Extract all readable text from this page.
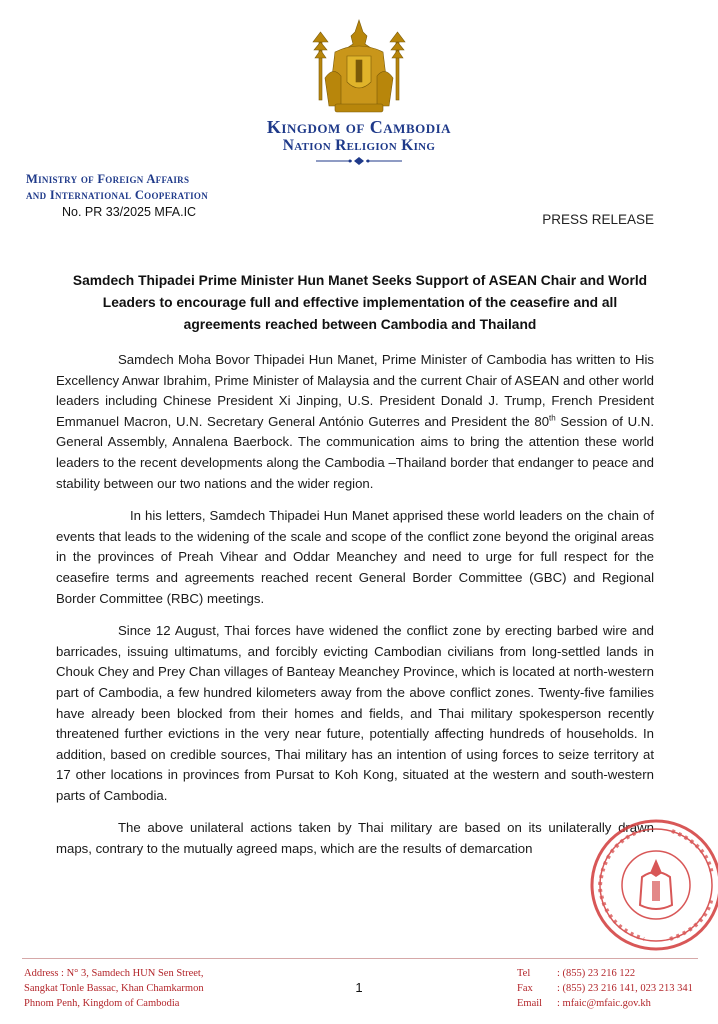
Kingdom of Cambodia
Nation Religion King
Ministry of Foreign Affairs
and International Cooperation
No. PR 33/2025 MFA.IC	PRESS RELEASE
Samdech Thipadei Prime Minister Hun Manet Seeks Support of ASEAN Chair and World Leaders to encourage full and effective implementation of the ceasefire and all agreements reached between Cambodia and Thailand

Samdech Moha Bovor Thipadei Hun Manet, Prime Minister of Cambodia has written to His Excellency Anwar Ibrahim, Prime Minister of Malaysia and the current Chair of ASEAN and other world leaders including Chinese President Xi Jinping, U.S. President Donald J. Trump, French President Emmanuel Macron, U.N. Secretary General António Guterres and President the 80th Session of U.N. General Assembly, Annalena Baerbock. The communication aims to bring the attention these world leaders to the recent developments along the Cambodia –Thailand border that endanger to peace and stability between our two nations and the wider region.

In his letters, Samdech Thipadei Hun Manet apprised these world leaders on the chain of events that leads to the widening of the scale and scope of the conflict zone beyond the original areas in the provinces of Preah Vihear and Oddar Meanchey and need to urge for full respect for the ceasefire terms and agreements reached recent General Border Committee (GBC) and Regional Border Committee (RBC) meetings.

Since 12 August, Thai forces have widened the conflict zone by erecting barbed wire and barricades, issuing ultimatums, and forcibly evicting Cambodian civilians from long-settled lands in Chouk Chey and Prey Chan villages of Banteay Meanchey Province, which is located at north-western part of Cambodia, a few hundred kilometers away from the above conflict zones. Twenty-five families have already been blocked from their homes and fields, and Thai military spokesperson recently threatened further evictions in the very near future, potentially affecting hundreds of households. In addition, based on credible sources, Thai military has an intention of using forces to seize territory at 17 other locations in provinces from Pursat to Koh Kong, situated at the western and south-western parts of Cambodia.

The above unilateral actions taken by Thai military are based on its unilaterally drawn maps, contrary to the mutually agreed maps, which are the results of demarcation

Address : N° 3, Samdech HUN Sen Street,
Sangkat Tonle Bassac, Khan Chamkarmon
Phnom Penh, Kingdom of Cambodia
1
Tel	: (855) 23 216 122
Fax : (855) 23 216 141, 023 213 341
Email : mfaic@mfaic.gov.kh
